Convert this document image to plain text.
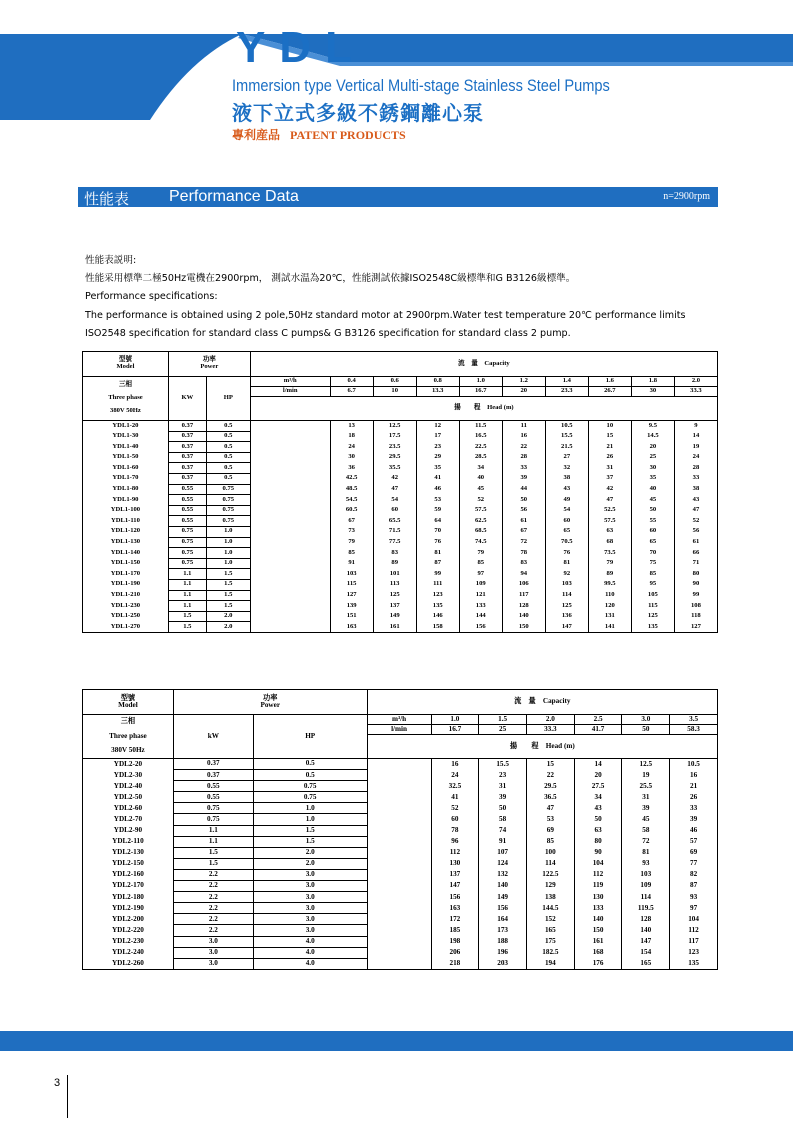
YDL
Immersion type Vertical Multi-stage Stainless Steel Pumps
液下立式多級不銹鋼離心泵
專利産品 PATENT PRODUCTS
性能表 Performance Data	n=2900rpm
性能表説明:
性能采用標準二極50Hz電機在2900rpm， 測試水温為20℃，性能測試依據ISO2548C級標準和G B3126級標準。
Performance specifications:
The performance is obtained using 2 pole,50Hz standard motor at 2900rpm.Water test temperature 20℃ performance limits
ISO2548 specification for standard class C pumps& G B3126 specification for standard class 2 pump.
型號
Model	功率
Power		流　量　Capacity									
三相

Three phase

380V 50Hz	KW	HP	m³/h	0.4	0.6	0.8	1.0	1.2	1.4	1.6	1.8	2.0
			l/min	6.7	10	13.3	16.7	20	23.3	26.7	30	33.3
			揚　　程　Head (m)									
YDL1-20	0.37	0.5		13	12.5	12	11.5	11	10.5	10	9.5	9
YDL1-30	0.37	0.5		18	17.5	17	16.5	16	15.5	15	14.5	14
YDL1-40	0.37	0.5		24	23.5	23	22.5	22	21.5	21	20	19
YDL1-50	0.37	0.5		30	29.5	29	28.5	28	27	26	25	24
YDL1-60	0.37	0.5		36	35.5	35	34	33	32	31	30	28
YDL1-70	0.37	0.5		42.5	42	41	40	39	38	37	35	33
YDL1-80	0.55	0.75		48.5	47	46	45	44	43	42	40	38
YDL1-90	0.55	0.75		54.5	54	53	52	50	49	47	45	43
YDL1-100	0.55	0.75		60.5	60	59	57.5	56	54	52.5	50	47
YDL1-110	0.55	0.75		67	65.5	64	62.5	61	60	57.5	55	52
YDL1-120	0.75	1.0		73	71.5	70	68.5	67	65	63	60	56
YDL1-130	0.75	1.0		79	77.5	76	74.5	72	70.5	68	65	61
YDL1-140	0.75	1.0		85	83	81	79	78	76	73.5	70	66
YDL1-150	0.75	1.0		91	89	87	85	83	81	79	75	71
YDL1-170	1.1	1.5		103	101	99	97	94	92	89	85	80
YDL1-190	1.1	1.5		115	113	111	109	106	103	99.5	95	90
YDL1-210	1.1	1.5		127	125	123	121	117	114	110	105	99
YDL1-230	1.1	1.5		139	137	135	133	128	125	120	115	108
YDL1-250	1.5	2.0		151	149	146	144	140	136	131	125	118
YDL1-270	1.5	2.0		163	161	158	156	150	147	141	135	127
型號
Model	功率
Power		流　量　Capacity						
三相

Three phase

380V 50Hz	kW	HP	m³/h	1.0	1.5	2.0	2.5	3.0	3.5
			l/min	16.7	25	33.3	41.7	50	58.3
			揚　　程　Head (m)						
YDL2-20	0.37	0.5		16	15.5	15	14	12.5	10.5
YDL2-30	0.37	0.5		24	23	22	20	19	16
YDL2-40	0.55	0.75		32.5	31	29.5	27.5	25.5	21
YDL2-50	0.55	0.75		41	39	36.5	34	31	26
YDL2-60	0.75	1.0		52	50	47	43	39	33
YDL2-70	0.75	1.0		60	58	53	50	45	39
YDL2-90	1.1	1.5		78	74	69	63	58	46
YDL2-110	1.1	1.5		96	91	85	80	72	57
YDL2-130	1.5	2.0		112	107	100	90	81	69
YDL2-150	1.5	2.0		130	124	114	104	93	77
YDL2-160	2.2	3.0		137	132	122.5	112	103	82
YDL2-170	2.2	3.0		147	140	129	119	109	87
YDL2-180	2.2	3.0		156	149	138	130	114	93
YDL2-190	2.2	3.0		163	156	144.5	133	119.5	97
YDL2-200	2.2	3.0		172	164	152	140	128	104
YDL2-220	2.2	3.0		185	173	165	150	140	112
YDL2-230	3.0	4.0		198	188	175	161	147	117
YDL2-240	3.0	4.0		206	196	182.5	168	154	123
YDL2-260	3.0	4.0		218	203	194	176	165	135
3
